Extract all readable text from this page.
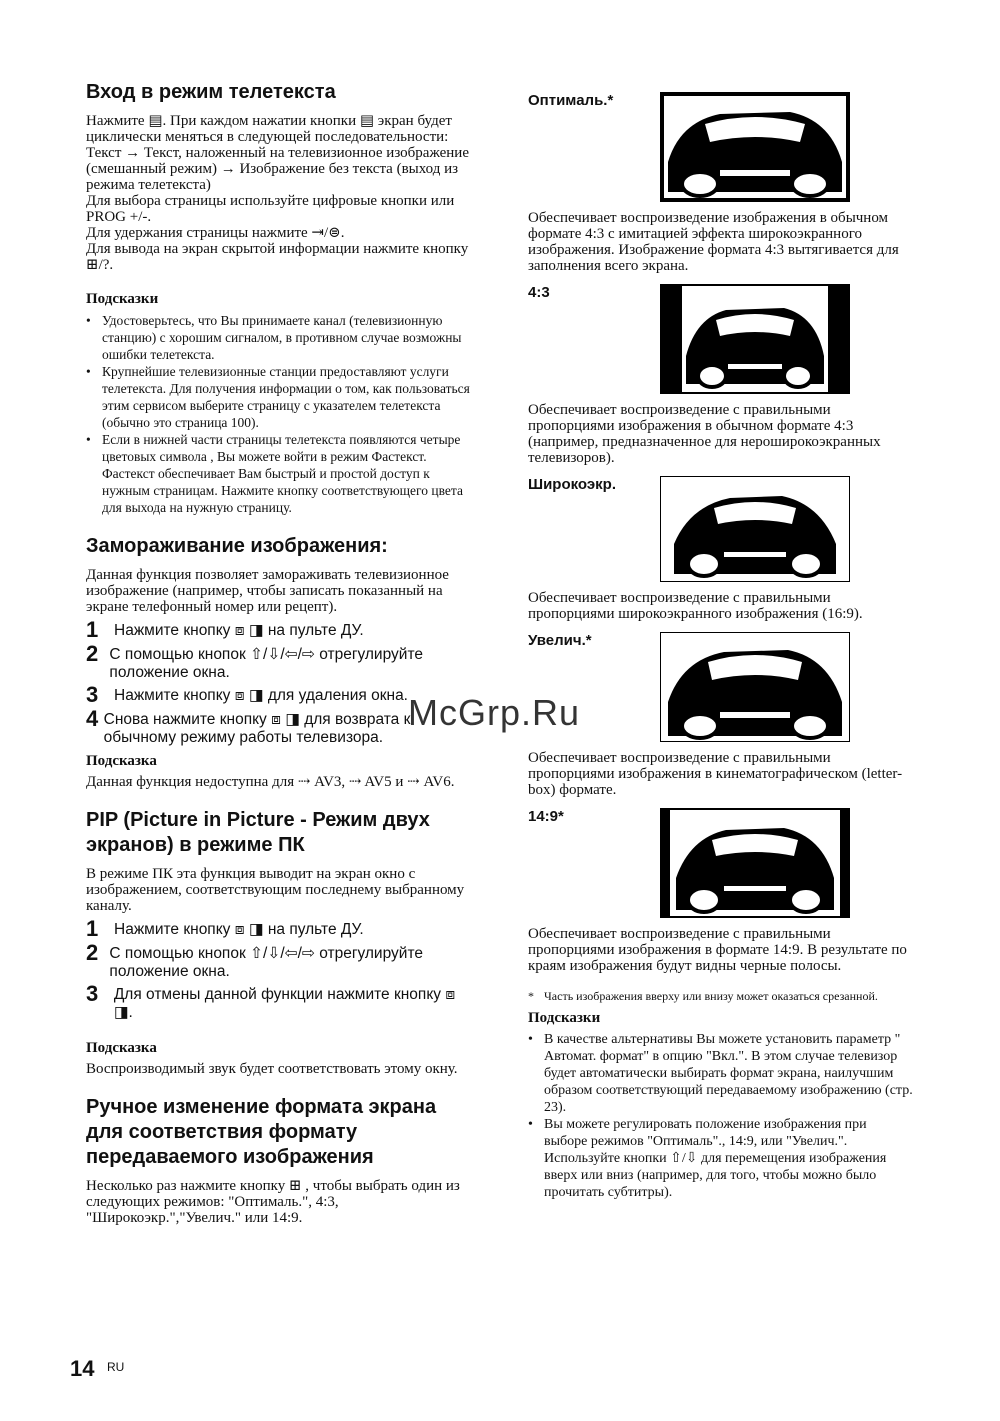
Вход в режим телетекста

Нажмите ▤. При каждом нажатии кнопки ▤ экран будет циклически меняться в следующей последовательности:

Текст → Текст, наложенный на телевизионное изображение (смешанный режим) → Изображение без текста (выход из режима телетекста)

Для выбора страницы используйте цифровые кнопки или PROG +/-.

Для удержания страницы нажмите ⇥/⊜.

Для вывода на экран скрытой информации нажмите кнопку ⊞/?.

Подсказки
• Удостоверьтесь, что Вы принимаете канал (телевизионную станцию) с хорошим сигналом, в противном случае возможны ошибки телетекста.
• Крупнейшие телевизионные станции предоставляют услуги телетекста. Для получения информации о том, как пользоваться этим сервисом выберите страницу с указателем телетекста (обычно это страница 100).
• Если в нижней части страницы телетекста появляются четыре цветовых символа , Вы можете войти в режим Фастекст. Фастекст обеспечивает Вам быстрый и простой доступ к нужным страницам. Нажмите кнопку соответствующего цвета для выхода на нужную страницу.
Замораживание изображения:

Данная функция позволяет замораживать телевизионное изображение (например, чтобы записать показанный на экране телефонный номер или рецепт).

1	Нажмите кнопку ⧈ ◨ на пульте ДУ.
2 С помощью кнопок ⇧/⇩/⇦/⇨ отрегулируйте положение окна.
3	Нажмите кнопку ⧈ ◨ для удаления окна.
4 Снова нажмите кнопку ⧈ ◨ для возврата к обычному режиму работы телевизора.
Подсказка

Данная функция недоступна для ⇢ AV3, ⇢ AV5 и ⇢ AV6.

PIP (Picture in Picture - Режим двух экранов) в режиме ПК

В режиме ПК эта функция выводит на экран окно с изображением, соответствующим последнему выбранному каналу.

1	Нажмите кнопку ⧈ ◨ на пульте ДУ.
2 С помощью кнопок ⇧/⇩/⇦/⇨ отрегулируйте положение окна.
3	Для отмены данной функции нажмите кнопку ⧈ ◨.
Подсказка

Воспроизводимый звук будет соответствовать этому окну.

Ручное изменение формата экрана для соответствия формату передаваемого изображения

Несколько раз нажмите кнопку ⊞ , чтобы выбрать один из следующих режимов: "Оптималь.", 4:3, "Широкоэкр.","Увелич." или 14:9.

Оптималь.*
Обеспечивает воспроизведение изображения в обычном формате 4:3 с имитацией эффекта широкоэкранного изображения. Изображение формата 4:3 вытягивается для заполнения всего экрана.
4:3
Обеспечивает воспроизведение с правильными пропорциями изображения в обычном формате 4:3 (например, предназначенное для нероширокоэкранных телевизоров).
Широкоэкр.
Обеспечивает воспроизведение с правильными пропорциями широкоэкранного изображения (16:9).
Увелич.*
Обеспечивает воспроизведение с правильными пропорциями изображения в кинематографическом (letter-box) формате.
14:9*
Обеспечивает воспроизведение с правильными пропорциями изображения в формате 14:9. В результате по краям изображения будут видны черные полосы.
* Часть изображения вверху или внизу может оказаться срезанной.
Подсказки
• В качестве альтернативы Вы можете установить параметр " Автомат. формат" в опцию "Вкл.". В этом случае телевизор будет автоматически выбирать формат экрана, наилучшим образом соответствующий передаваемому изображению (стр. 23).
• Вы можете регулировать положение изображения при выборе режимов "Оптималь"., 14:9, или "Увелич.". Используйте кнопки ⇧/⇩ для перемещения изображения вверх или вниз (например, для того, чтобы можно было прочитать субтитры).
McGrp.Ru
14 RU
